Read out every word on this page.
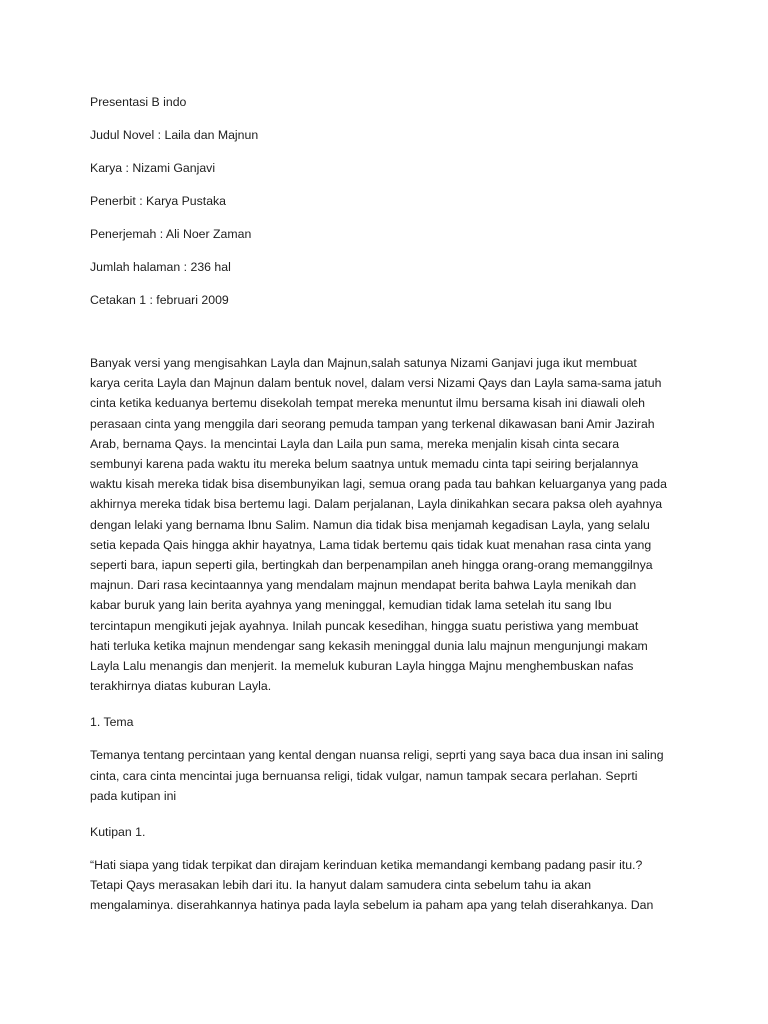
Presentasi B indo
Judul Novel : Laila dan Majnun
Karya : Nizami Ganjavi
Penerbit : Karya Pustaka
Penerjemah : Ali Noer Zaman
Jumlah halaman : 236 hal
Cetakan 1 : februari 2009
Banyak versi yang mengisahkan Layla dan Majnun,salah satunya Nizami Ganjavi juga ikut membuat
karya cerita Layla dan Majnun dalam bentuk novel, dalam versi Nizami Qays dan Layla sama-sama jatuh
cinta ketika keduanya bertemu disekolah tempat mereka menuntut ilmu bersama kisah ini diawali oleh
perasaan cinta yang menggila dari seorang pemuda tampan yang terkenal dikawasan bani Amir Jazirah
Arab, bernama Qays. Ia mencintai Layla dan Laila pun sama, mereka menjalin kisah cinta secara
sembunyi karena pada waktu itu mereka belum saatnya untuk memadu cinta tapi seiring berjalannya
waktu kisah mereka tidak bisa disembunyikan lagi, semua orang pada tau bahkan keluarganya yang pada
akhirnya mereka tidak bisa bertemu lagi. Dalam perjalanan, Layla dinikahkan secara paksa oleh ayahnya
dengan lelaki yang bernama Ibnu Salim. Namun dia tidak bisa menjamah kegadisan Layla, yang selalu
setia kepada Qais hingga akhir hayatnya, Lama tidak bertemu qais tidak kuat menahan rasa cinta yang
seperti bara, iapun seperti gila, bertingkah dan berpenampilan aneh hingga orang-orang memanggilnya
majnun. Dari rasa kecintaannya yang mendalam majnun mendapat berita bahwa Layla menikah dan
kabar buruk yang lain berita ayahnya yang meninggal, kemudian tidak lama setelah itu sang Ibu
tercintapun mengikuti jejak ayahnya. Inilah puncak kesedihan, hingga suatu peristiwa yang membuat
hati terluka ketika majnun mendengar sang kekasih meninggal dunia lalu majnun mengunjungi makam
Layla Lalu menangis dan menjerit. Ia memeluk kuburan Layla hingga Majnu menghembuskan nafas
terakhirnya diatas kuburan Layla.
1. Tema
Temanya tentang percintaan yang kental dengan nuansa religi, seprti yang saya baca dua insan ini saling
cinta, cara cinta mencintai juga bernuansa religi, tidak vulgar, namun tampak secara perlahan. Seprti
pada kutipan ini
Kutipan 1.
“Hati siapa yang tidak terpikat dan dirajam kerinduan ketika memandangi kembang padang pasir itu.?
Tetapi Qays merasakan lebih dari itu. Ia hanyut dalam samudera cinta sebelum tahu ia akan
mengalaminya. diserahkannya hatinya pada layla sebelum ia paham apa yang telah diserahkanya. Dan
